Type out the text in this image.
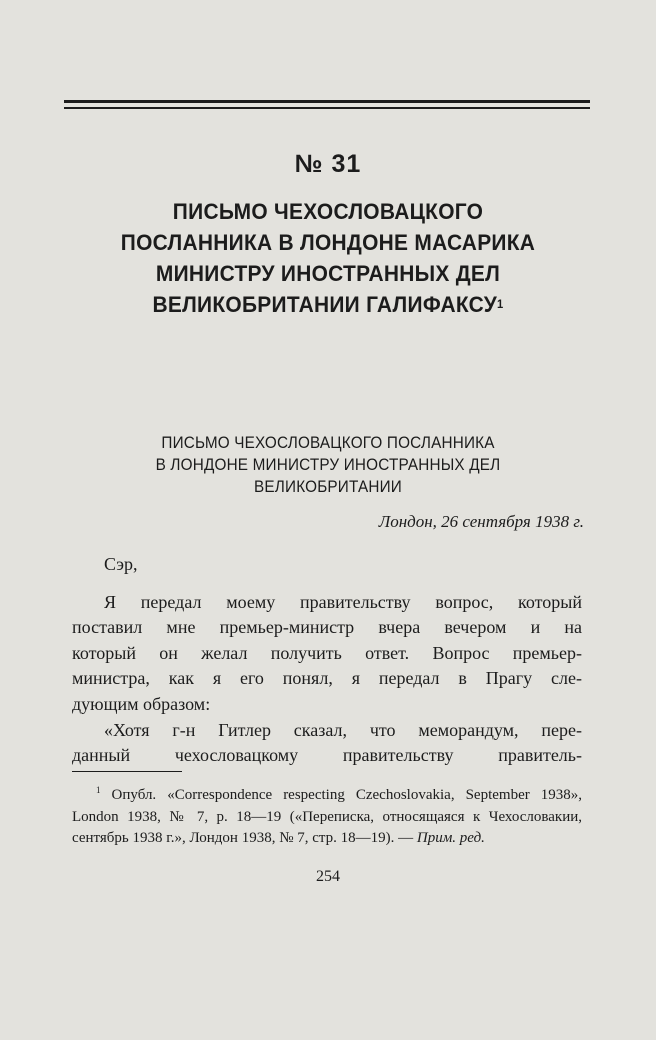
№ 31
ПИСЬМО ЧЕХОСЛОВАЦКОГО
ПОСЛАННИКА В ЛОНДОНЕ МАСАРИКА
МИНИСТРУ ИНОСТРАННЫХ ДЕЛ
ВЕЛИКОБРИТАНИИ ГАЛИФАКСУ$^1$
ПИСЬМО ЧЕХОСЛОВАЦКОГО ПОСЛАННИКА
В ЛОНДОНЕ МИНИСТРУ ИНОСТРАННЫХ ДЕЛ
ВЕЛИКОБРИТАНИИ
Лондон, 26 сентября 1938 г.

Сэр,

Я передал моему правительству вопрос, который

поставил мне премьер-министр вчера вечером и на

который он желал получить ответ. Вопрос премьер-

министра, как я его понял, я передал в Прагу сле-

дующим образом:

«Хотя г-н Гитлер сказал, что меморандум, пере-

данный чехословацкому правительству правитель-

$^1$ Опубл. «Correspondence respecting Czechoslovakia, September 1938», London 1938, № 7, p. 18—19 («Переписка, относящаяся к Чехословакии, сентябрь 1938 г.», Лондон 1938, № 7, стр. 18—19). — Прим. ред.

254
